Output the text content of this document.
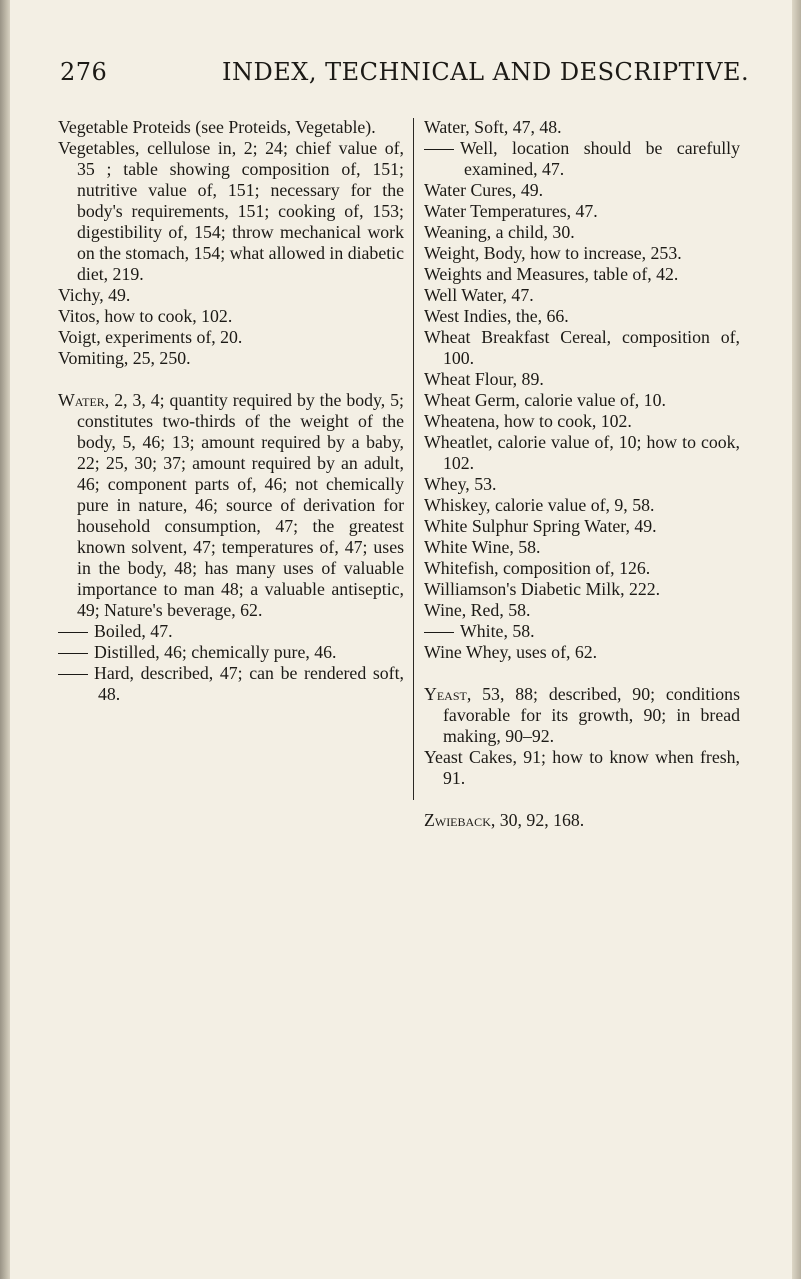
276	INDEX, TECHNICAL AND DESCRIPTIVE.

Vegetable Proteids (see Proteids, Vegetable).

Vegetables, cellulose in, 2; 24; chief value of, 35 ; table showing composition of, 151; nutritive value of, 151; necessary for the body's requirements, 151; cooking of, 153; digestibility of, 154; throw mechanical work on the stomach, 154; what allowed in diabetic diet, 219.

Vichy, 49.

Vitos, how to cook, 102.

Voigt, experiments of, 20.

Vomiting, 25, 250.

Water, 2, 3, 4; quantity required by the body, 5; constitutes two-thirds of the weight of the body, 5, 46; 13; amount required by a baby, 22; 25, 30; 37; amount required by an adult, 46; component parts of, 46; not chemically pure in nature, 46; source of derivation for household consumption, 47; the greatest known solvent, 47; temperatures of, 47; uses in the body, 48; has many uses of valuable importance to man 48; a valuable antiseptic, 49; Nature's beverage, 62.

Boiled, 47.

Distilled, 46; chemically pure, 46.

Hard, described, 47; can be rendered soft, 48.

Water, Soft, 47, 48.

Well, location should be carefully examined, 47.

Water Cures, 49.

Water Temperatures, 47.

Weaning, a child, 30.

Weight, Body, how to increase, 253.

Weights and Measures, table of, 42.

Well Water, 47.

West Indies, the, 66.

Wheat Breakfast Cereal, composition of, 100.

Wheat Flour, 89.

Wheat Germ, calorie value of, 10.

Wheatena, how to cook, 102.

Wheatlet, calorie value of, 10; how to cook, 102.

Whey, 53.

Whiskey, calorie value of, 9, 58.

White Sulphur Spring Water, 49.

White Wine, 58.

Whitefish, composition of, 126.

Williamson's Diabetic Milk, 222.

Wine, Red, 58.

White, 58.

Wine Whey, uses of, 62.

Yeast, 53, 88; described, 90; conditions favorable for its growth, 90; in bread making, 90–92.

Yeast Cakes, 91; how to know when fresh, 91.

Zwieback, 30, 92, 168.
